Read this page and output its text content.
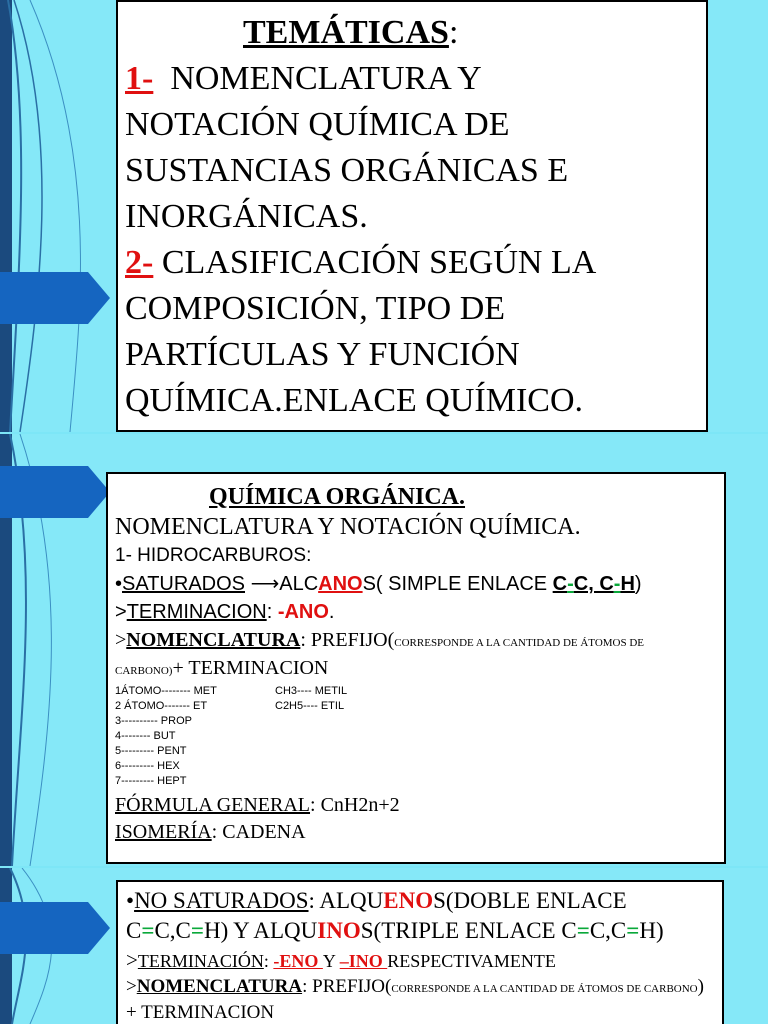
TEMÁTICAS:
1- NOMENCLATURA Y
NOTACIÓN QUÍMICA DE
SUSTANCIAS ORGÁNICAS E
INORGÁNICAS.
2- CLASIFICACIÓN SEGÚN LA
COMPOSICIÓN, TIPO DE
PARTÍCULAS Y FUNCIÓN
QUÍMICA.ENLACE QUÍMICO.
QUÍMICA ORGÁNICA.
NOMENCLATURA Y NOTACIÓN QUÍMICA.
1- HIDROCARBUROS:
•SATURADOS ⟶ALCANOS( SIMPLE ENLACE C-C, C-H)
>TERMINACION: -ANO.
>NOMENCLATURA: PREFIJO(CORRESPONDE A LA CANTIDAD DE ÁTOMOS DE
CARBONO)+ TERMINACION
1ÁTOMO-------- MET	CH3---- METIL
2 ÁTOMO------- ET	C2H5---- ETIL
3---------- PROP
4-------- BUT
5--------- PENT
6--------- HEX
7--------- HEPT
FÓRMULA GENERAL: CnH2n+2
ISOMERÍA: CADENA
•NO SATURADOS: ALQUENOS(DOBLE ENLACE
C=C,C=H) Y ALQUINOS(TRIPLE ENLACE C=C,C=H)
>TERMINACIÓN: -ENO Y –INO RESPECTIVAMENTE
>NOMENCLATURA: PREFIJO(CORRESPONDE A LA CANTIDAD DE ÁTOMOS DE CARBONO)
+ TERMINACION
